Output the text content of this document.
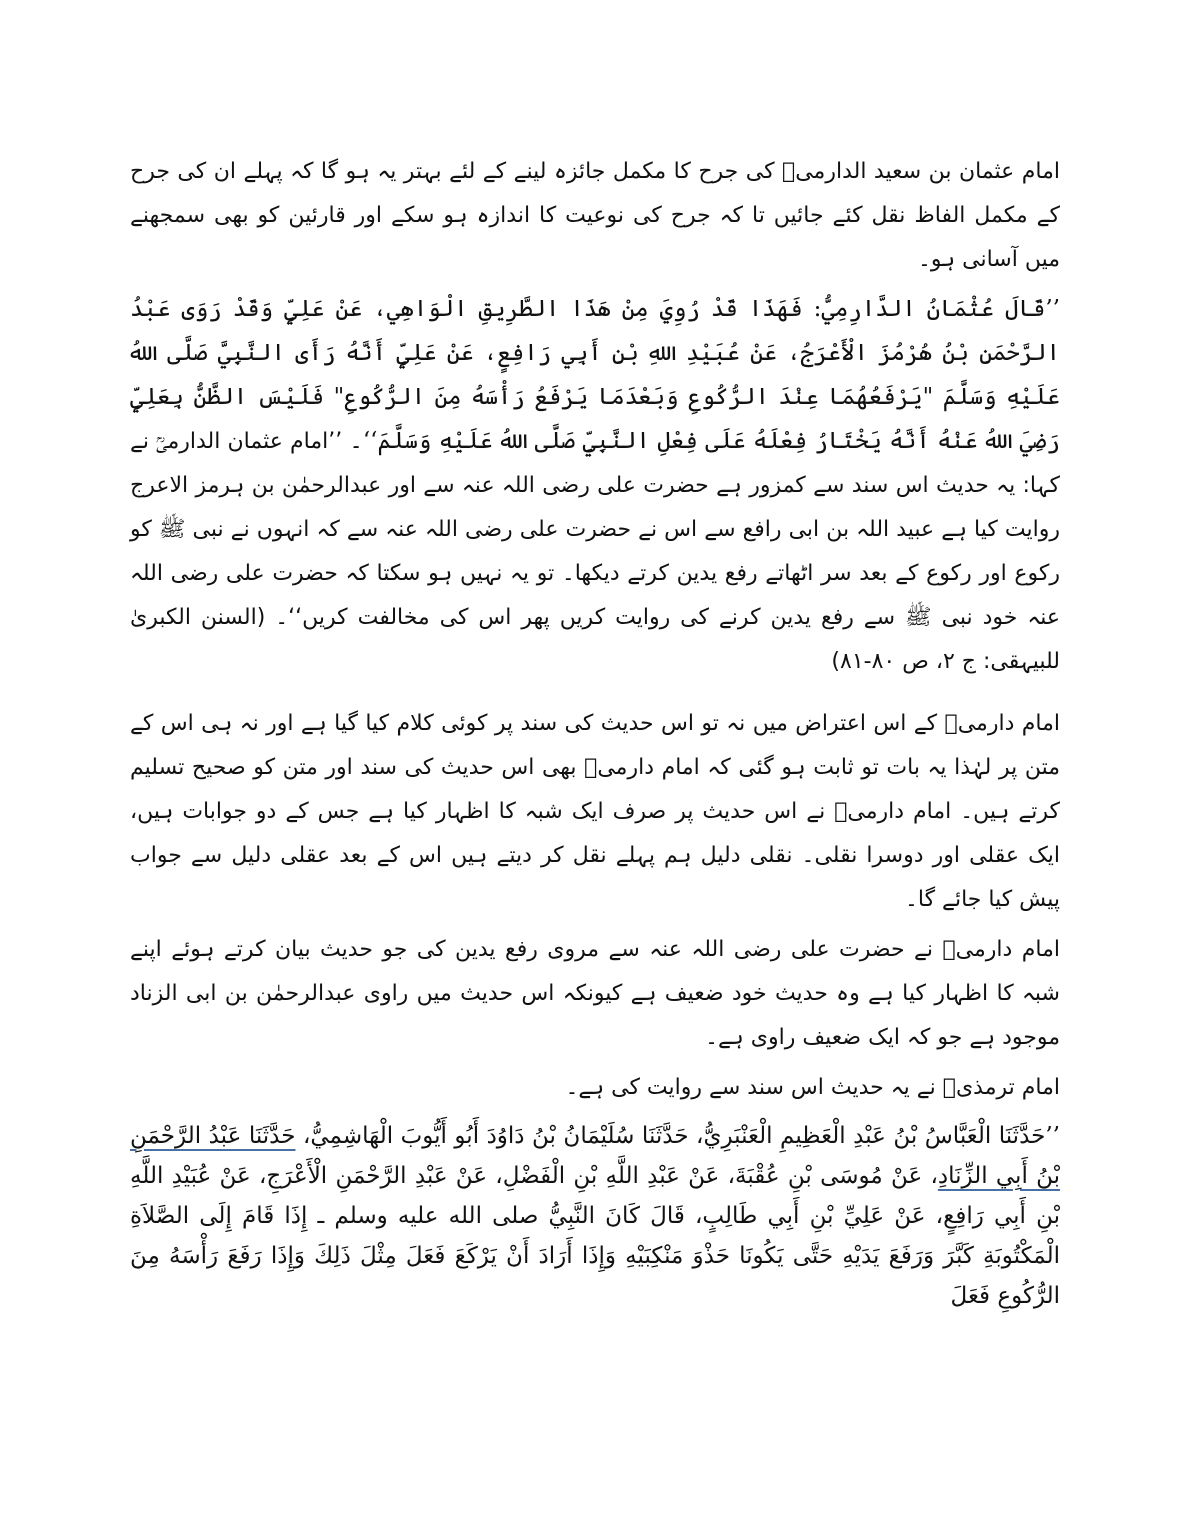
امام عثمان بن سعید الدارمیؒ کی جرح کا مکمل جائزہ لینے کے لئے بہتر یہ ہو گا کہ پہلے ان کی جرح کے مکمل الفاظ نقل کئے جائیں تا کہ جرح کی نوعیت کا اندازہ ہو سکے اور قارئین کو بھی سمجھنے میں آسانی ہو۔

’’قَالَ عُثْمَانُ الدَّارِمِيُّ: فَهَذَا قَدْ رُوِيَ مِنْ هَذَا الطَّرِيقِ الْوَاهِي، عَنْ عَلِيٍّ وَقَدْ رَوَى عَبْدُ الرَّحْمَنِ بْنُ هُرْمُزَ الْأَعْرَجُ، عَنْ عُبَيْدِ اللهِ بْنِ أَبِي رَافِعٍ، عَنْ عَلِيٍّ أَنَّهُ رَأَى النَّبِيَّ صَلَّى اللهُ عَلَيْهِ وَسَلَّمَ "يَرْفَعُهُمَا عِنْدَ الرُّكُوعِ وَبَعْدَمَا يَرْفَعُ رَأْسَهُ مِنَ الرُّكُوعِ" فَلَيْسَ الظَّنُّ بِعَلِيٍّ رَضِيَ اللهُ عَنْهُ أَنَّهُ يَخْتَارُ فِعْلَهُ عَلَى فِعْلِ النَّبِيِّ صَلَّى اللهُ عَلَيْهِ وَسَلَّمَ‘‘۔ ’’امام عثمان الدارمیؒ نے کہا: یہ حدیث اس سند سے کمزور ہے حضرت علی رضی اللہ عنہ سے اور عبدالرحمٰن بن ہرمز الاعرج روایت کیا ہے عبید اللہ بن ابی رافع سے اس نے حضرت علی رضی اللہ عنہ سے کہ انہوں نے نبی ﷺ کو رکوع اور رکوع کے بعد سر اٹھاتے رفع یدین کرتے دیکھا۔ تو یہ نہیں ہو سکتا کہ حضرت علی رضی اللہ عنہ خود نبی ﷺ سے رفع یدین کرنے کی روایت کریں پھر اس کی مخالفت کریں‘‘۔ (السنن الکبریٰ للبیہقی: ج ۲، ص ۸۰-۸۱)

امام دارمیؒ کے اس اعتراض میں نہ تو اس حدیث کی سند پر کوئی کلام کیا گیا ہے اور نہ ہی اس کے متن پر لہٰذا یہ بات تو ثابت ہو گئی کہ امام دارمیؒ بھی اس حدیث کی سند اور متن کو صحیح تسلیم کرتے ہیں۔ امام دارمیؒ نے اس حدیث پر صرف ایک شبہ کا اظہار کیا ہے جس کے دو جوابات ہیں، ایک عقلی اور دوسرا نقلی۔ نقلی دلیل ہم پہلے نقل کر دیتے ہیں اس کے بعد عقلی دلیل سے جواب پیش کیا جائے گا۔

امام دارمیؒ نے حضرت علی رضی اللہ عنہ سے مروی رفع یدین کی جو حدیث بیان کرتے ہوئے اپنے شبہ کا اظہار کیا ہے وہ حدیث خود ضعیف ہے کیونکہ اس حدیث میں راوی عبدالرحمٰن بن ابی الزناد موجود ہے جو کہ ایک ضعیف راوی ہے۔

امام ترمذیؒ نے یہ حدیث اس سند سے روایت کی ہے۔

’’حَدَّثَنَا الْعَبَّاسُ بْنُ عَبْدِ الْعَظِيمِ الْعَنْبَرِيُّ، حَدَّثَنَا سُلَيْمَانُ بْنُ دَاوُدَ أَبُو أَيُّوبَ الْهَاشِمِيُّ، حَدَّثَنَا عَبْدُ الرَّحْمَنِ بْنُ أَبِي الزِّنَادِ، عَنْ مُوسَى بْنِ عُقْبَةَ، عَنْ عَبْدِ اللَّهِ بْنِ الْفَضْلِ، عَنْ عَبْدِ الرَّحْمَنِ الْأَعْرَجِ، عَنْ عُبَيْدِ اللَّهِ بْنِ أَبِي رَافِعٍ، عَنْ عَلِيِّ بْنِ أَبِي طَالِبٍ، قَالَ كَانَ النَّبِيُّ صلى الله عليه وسلم ـ إِذَا قَامَ إِلَى الصَّلاَةِ الْمَكْتُوبَةِ كَبَّرَ وَرَفَعَ يَدَيْهِ حَتَّى يَكُونَا حَذْوَ مَنْكِبَيْهِ وَإِذَا أَرَادَ أَنْ يَرْكَعَ فَعَلَ مِثْلَ ذَلِكَ وَإِذَا رَفَعَ رَأْسَهُ مِنَ الرُّكُوعِ فَعَلَ
